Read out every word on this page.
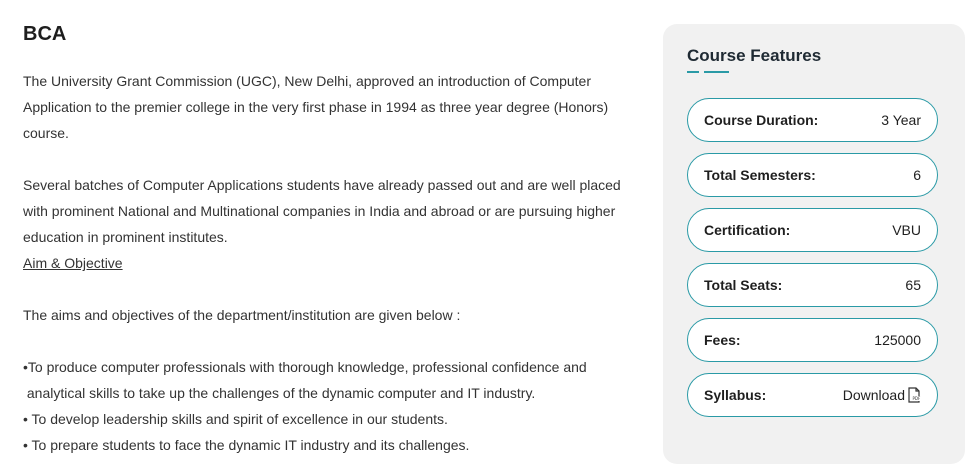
BCA

The University Grant Commission (UGC), New Delhi, approved an introduction of Computer Application to the premier college in the very first phase in 1994 as three year degree (Honors) course.

Several batches of Computer Applications students have already passed out and are well placed with prominent National and Multinational companies in India and abroad or are pursuing higher education in prominent institutes.

Aim & Objective

The aims and objectives of the department/institution are given below :

•To produce computer professionals with thorough knowledge, professional confidence and

analytical skills to take up the challenges of the dynamic computer and IT industry.

• To develop leadership skills and spirit of excellence in our students.

• To prepare students to face the dynamic IT industry and its challenges.

Course Features
Course Duration:	3 Year
Total Semesters:	6
Certification:	VBU
Total Seats:	65
Fees:	125000
Syllabus:	Download PDF
